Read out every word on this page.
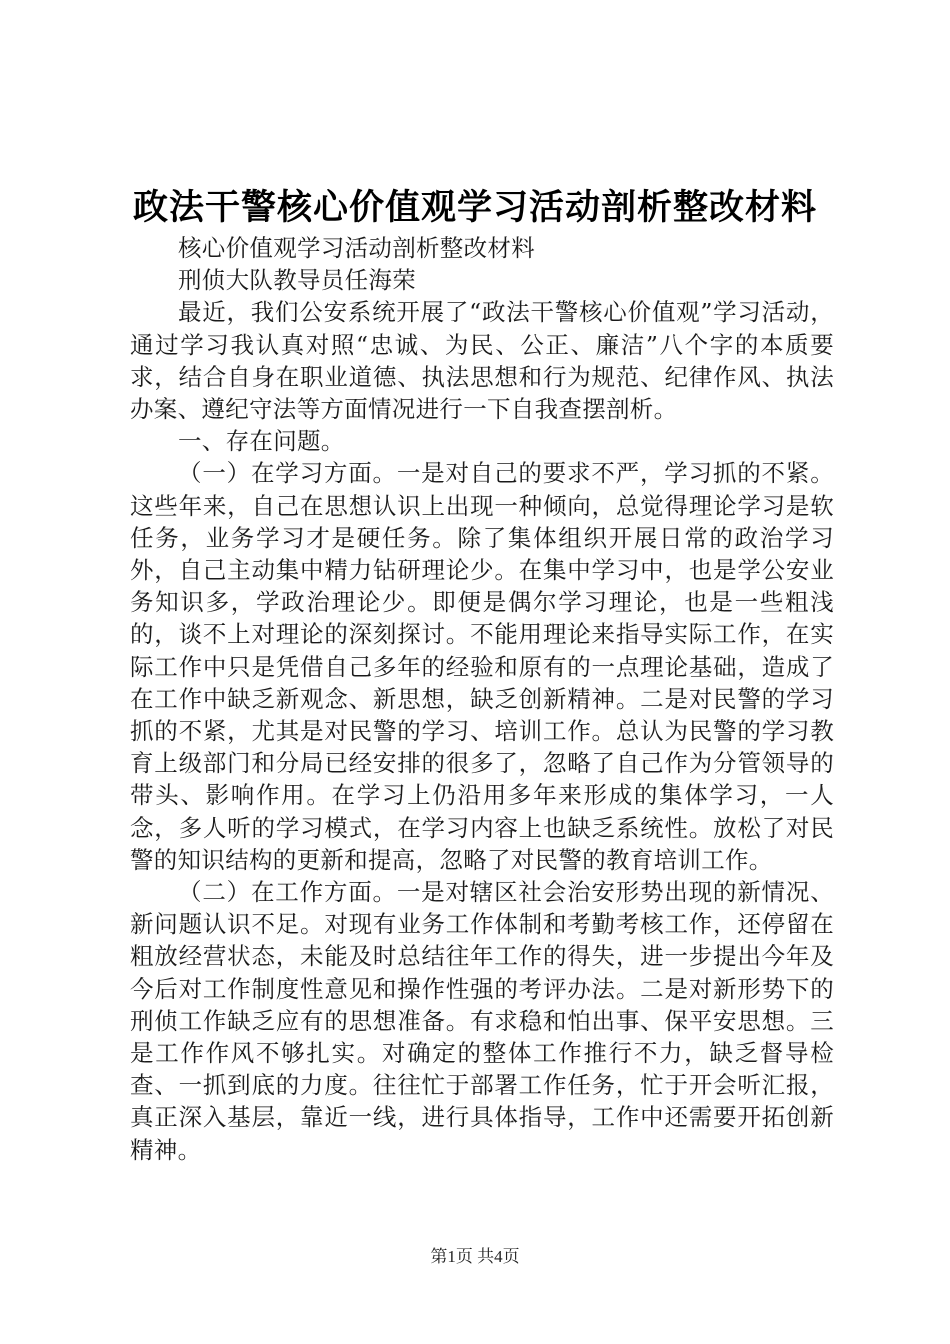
政法干警核心价值观学习活动剖析整改材料

核心价值观学习活动剖析整改材料

刑侦大队教导员任海荣

最近，我们公安系统开展了“政法干警核心价值观”学习活动，通过学习我认真对照“忠诚、为民、公正、廉洁”八个字的本质要求，结合自身在职业道德、执法思想和行为规范、纪律作风、执法办案、遵纪守法等方面情况进行一下自我查摆剖析。

一、存在问题。

（一）在学习方面。一是对自己的要求不严，学习抓的不紧。这些年来，自己在思想认识上出现一种倾向，总觉得理论学习是软任务，业务学习才是硬任务。除了集体组织开展日常的政治学习外，自己主动集中精力钻研理论少。在集中学习中，也是学公安业务知识多，学政治理论少。即便是偶尔学习理论，也是一些粗浅的，谈不上对理论的深刻探讨。不能用理论来指导实际工作，在实际工作中只是凭借自己多年的经验和原有的一点理论基础，造成了在工作中缺乏新观念、新思想，缺乏创新精神。二是对民警的学习抓的不紧，尤其是对民警的学习、培训工作。总认为民警的学习教育上级部门和分局已经安排的很多了，忽略了自己作为分管领导的带头、影响作用。在学习上仍沿用多年来形成的集体学习，一人念，多人听的学习模式，在学习内容上也缺乏系统性。放松了对民警的知识结构的更新和提高，忽略了对民警的教育培训工作。

（二）在工作方面。一是对辖区社会治安形势出现的新情况、新问题认识不足。对现有业务工作体制和考勤考核工作，还停留在粗放经营状态，未能及时总结往年工作的得失，进一步提出今年及今后对工作制度性意见和操作性强的考评办法。二是对新形势下的刑侦工作缺乏应有的思想准备。有求稳和怕出事、保平安思想。三是工作作风不够扎实。对确定的整体工作推行不力，缺乏督导检查、一抓到底的力度。往往忙于部署工作任务，忙于开会听汇报，真正深入基层，靠近一线，进行具体指导，工作中还需要开拓创新精神。

第1页 共4页
